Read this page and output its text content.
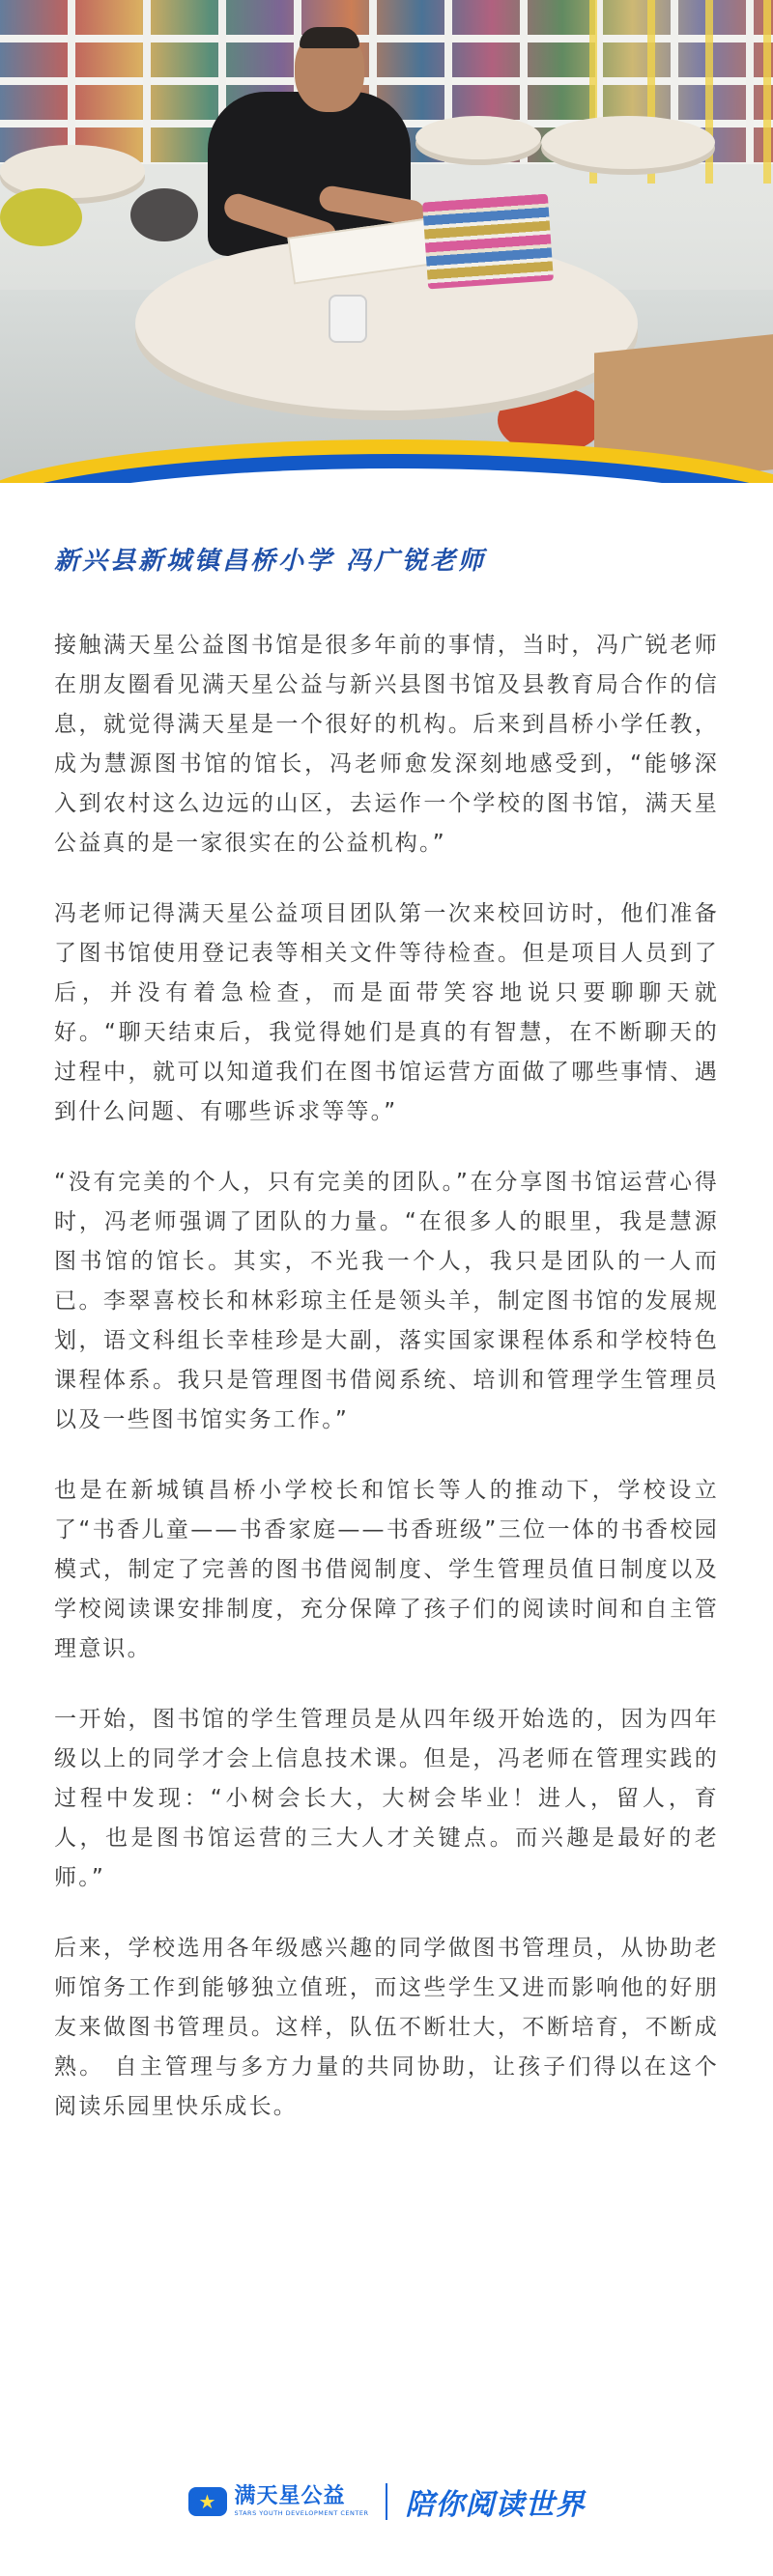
新兴县新城镇昌桥小学 冯广锐老师

接触满天星公益图书馆是很多年前的事情，当时，冯广锐老师在朋友圈看见满天星公益与新兴县图书馆及县教育局合作的信息，就觉得满天星是一个很好的机构。后来到昌桥小学任教，成为慧源图书馆的馆长，冯老师愈发深刻地感受到，“能够深入到农村这么边远的山区，去运作一个学校的图书馆，满天星公益真的是一家很实在的公益机构。”

冯老师记得满天星公益项目团队第一次来校回访时，他们准备了图书馆使用登记表等相关文件等待检查。但是项目人员到了后，并没有着急检查，而是面带笑容地说只要聊聊天就好。“聊天结束后，我觉得她们是真的有智慧，在不断聊天的过程中，就可以知道我们在图书馆运营方面做了哪些事情、遇到什么问题、有哪些诉求等等。”

“没有完美的个人，只有完美的团队。”在分享图书馆运营心得时，冯老师强调了团队的力量。“在很多人的眼里，我是慧源图书馆的馆长。其实，不光我一个人，我只是团队的一人而已。李翠喜校长和林彩琼主任是领头羊，制定图书馆的发展规划，语文科组长幸桂珍是大副，落实国家课程体系和学校特色课程体系。我只是管理图书借阅系统、培训和管理学生管理员以及一些图书馆实务工作。”

也是在新城镇昌桥小学校长和馆长等人的推动下，学校设立了“书香儿童——书香家庭——书香班级”三位一体的书香校园模式，制定了完善的图书借阅制度、学生管理员值日制度以及学校阅读课安排制度，充分保障了孩子们的阅读时间和自主管理意识。

一开始，图书馆的学生管理员是从四年级开始选的，因为四年级以上的同学才会上信息技术课。但是，冯老师在管理实践的过程中发现：“小树会长大，大树会毕业！进人，留人，育人，也是图书馆运营的三大人才关键点。而兴趣是最好的老师。”

后来，学校选用各年级感兴趣的同学做图书管理员，从协助老师馆务工作到能够独立值班，而这些学生又进而影响他的好朋友来做图书管理员。这样，队伍不断壮大，不断培育，不断成熟。 自主管理与多方力量的共同协助，让孩子们得以在这个阅读乐园里快乐成长。

★ 满天星公益
STARS YOUTH DEVELOPMENT CENTER 陪你阅读世界
